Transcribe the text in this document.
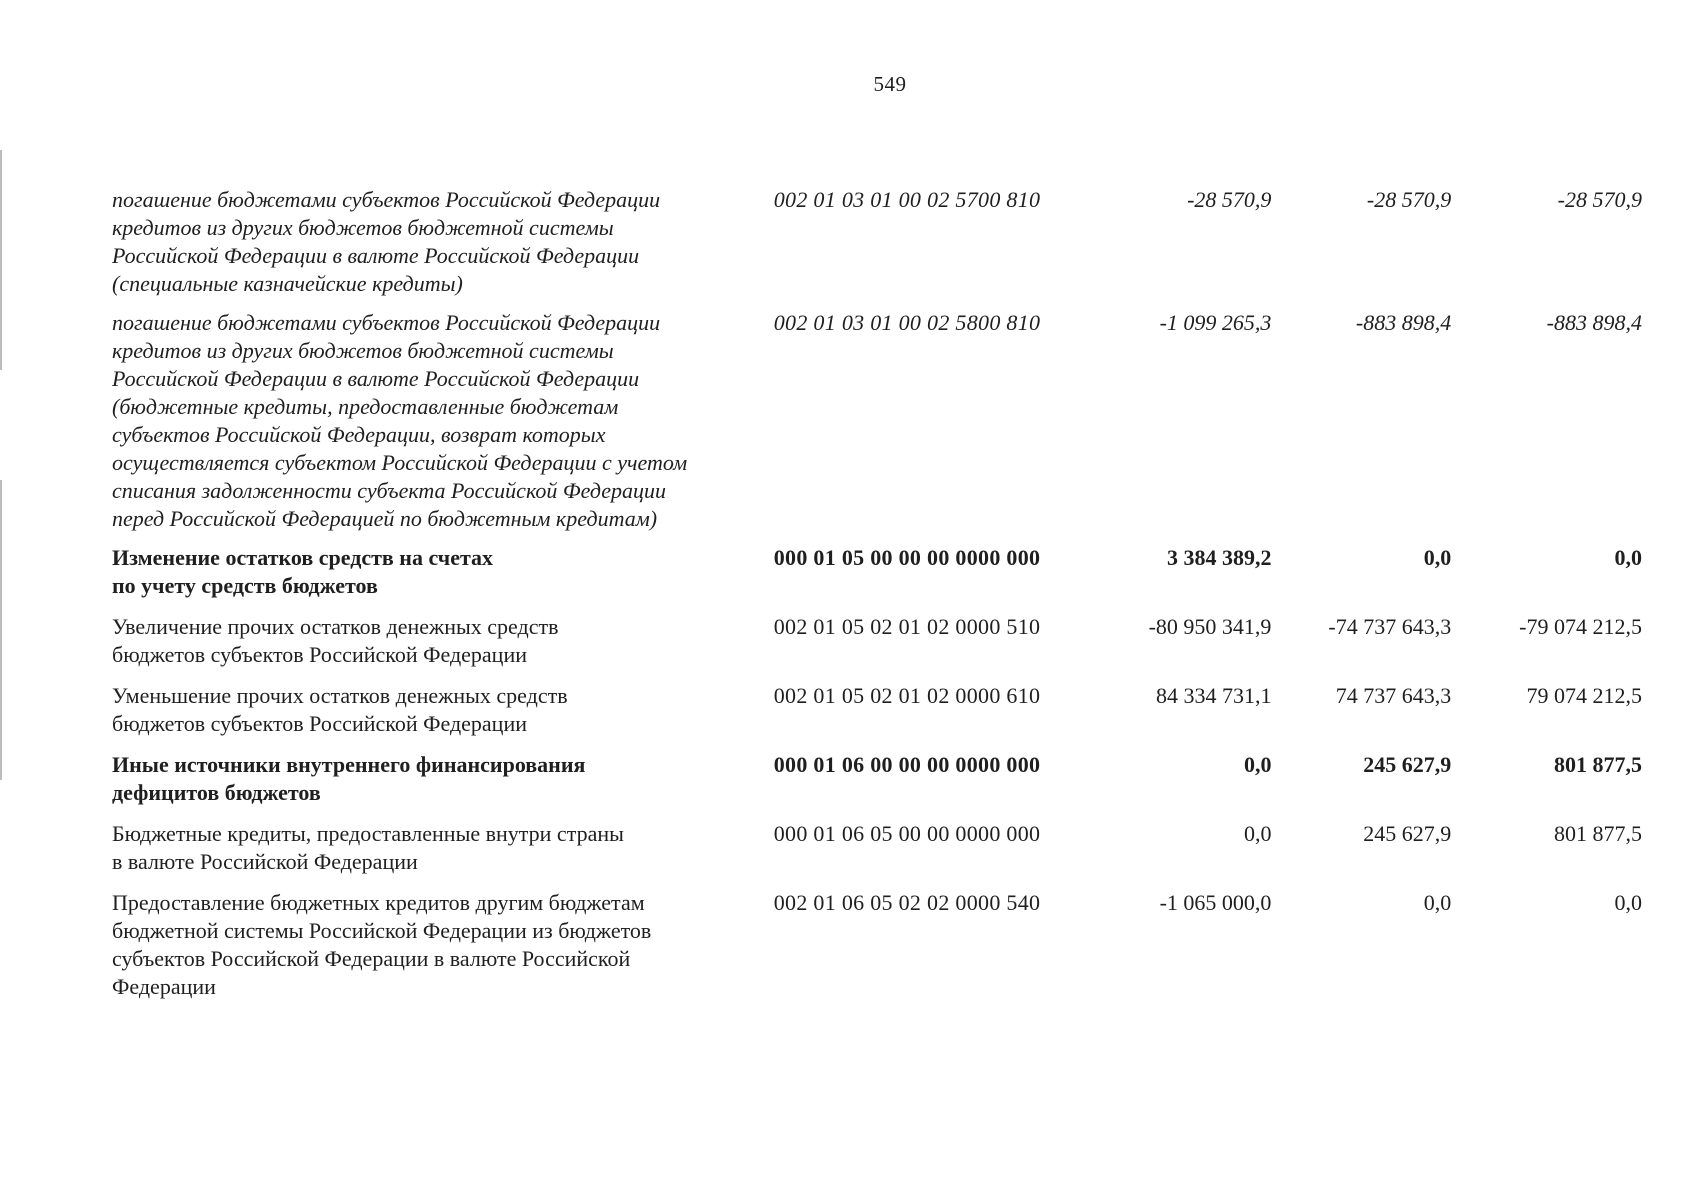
549
погашение бюджетами субъектов Российской Федерации
кредитов из других бюджетов бюджетной системы
Российской Федерации в валюте Российской Федерации
(специальные казначейские кредиты)
002 01 03 01 00 02 5700 810	-28 570,9	-28 570,9	-28 570,9
погашение бюджетами субъектов Российской Федерации
кредитов из других бюджетов бюджетной системы
Российской Федерации в валюте Российской Федерации
(бюджетные кредиты, предоставленные бюджетам
субъектов Российской Федерации, возврат которых
осуществляется субъектом Российской Федерации с учетом
списания задолженности субъекта Российской Федерации
перед Российской Федерацией по бюджетным кредитам)
002 01 03 01 00 02 5800 810	-1 099 265,3	-883 898,4	-883 898,4
Изменение остатков средств на счетах
по учету средств бюджетов
000 01 05 00 00 00 0000 000	3 384 389,2	0,0	0,0
Увеличение прочих остатков денежных средств
бюджетов субъектов Российской Федерации
002 01 05 02 01 02 0000 510	-80 950 341,9	-74 737 643,3	-79 074 212,5
Уменьшение прочих остатков денежных средств
бюджетов субъектов Российской Федерации
002 01 05 02 01 02 0000 610	84 334 731,1	74 737 643,3	79 074 212,5
Иные источники внутреннего финансирования
дефицитов бюджетов
000 01 06 00 00 00 0000 000	0,0	245 627,9	801 877,5
Бюджетные кредиты, предоставленные внутри страны
в валюте Российской Федерации
000 01 06 05 00 00 0000 000	0,0	245 627,9	801 877,5
Предоставление бюджетных кредитов другим бюджетам
бюджетной системы Российской Федерации из бюджетов
субъектов Российской Федерации в валюте Российской
Федерации
002 01 06 05 02 02 0000 540	-1 065 000,0	0,0	0,0
